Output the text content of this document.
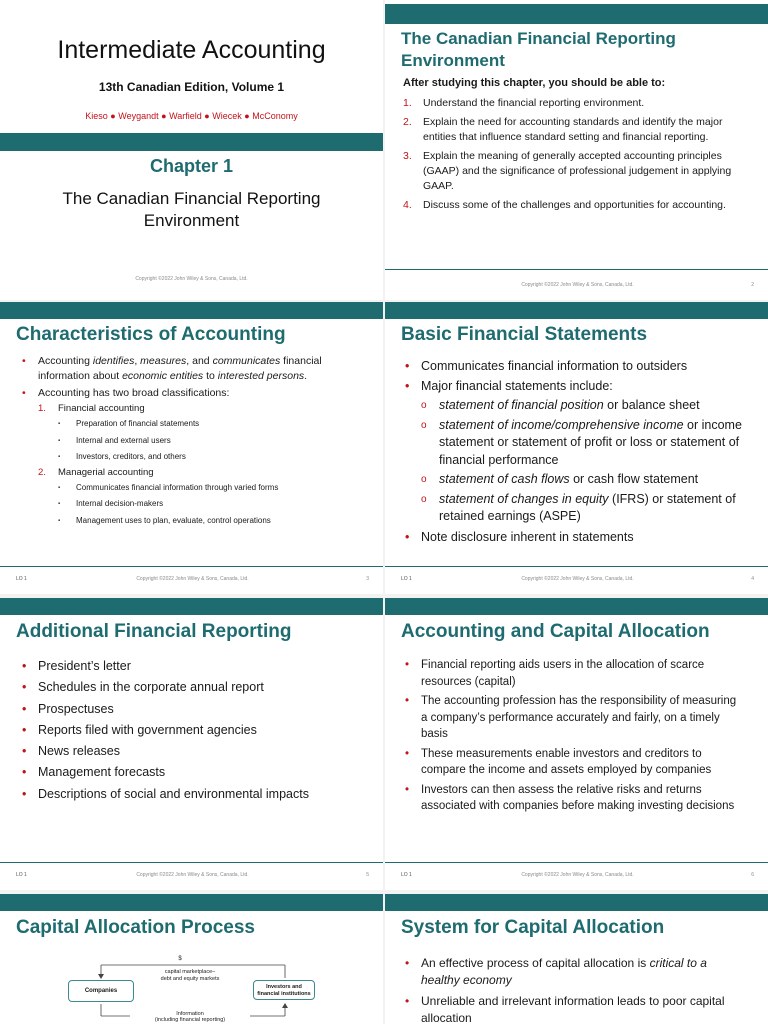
Intermediate Accounting
13th Canadian Edition, Volume 1
Kieso ● Weygandt ● Warfield ● Wiecek ● McConomy
Chapter 1
The Canadian Financial Reporting
Environment
Copyright ©2022 John Wiley & Sons, Canada, Ltd.
The Canadian Financial Reporting Environment
After studying this chapter, you should be able to:
1. Understand the financial reporting environment.
2. Explain the need for accounting standards and identify the major entities that influence standard setting and financial reporting.
3. Explain the meaning of generally accepted accounting principles (GAAP) and the significance of professional judgement in applying GAAP.
4. Discuss some of the challenges and opportunities for accounting.
Copyright ©2022 John Wiley & Sons, Canada, Ltd.	2
Characteristics of Accounting
• Accounting identifies, measures, and communicates financial information about economic entities to interested persons.
• Accounting has two broad classifications:
1. Financial accounting
▪ Preparation of financial statements
▪ Internal and external users
▪ Investors, creditors, and others
2. Managerial accounting
▪ Communicates financial information through varied forms
▪ Internal decision-makers
▪ Management uses to plan, evaluate, control operations
LO 1	Copyright ©2022 John Wiley & Sons, Canada, Ltd.	3
Basic Financial Statements
• Communicates financial information to outsiders
• Major financial statements include:
o statement of financial position or balance sheet
o statement of income/comprehensive income or income statement or statement of profit or loss or statement of financial performance
o statement of cash flows or cash flow statement
o statement of changes in equity (IFRS) or statement of retained earnings (ASPE)
• Note disclosure inherent in statements
LO 1	Copyright ©2022 John Wiley & Sons, Canada, Ltd.	4
Additional Financial Reporting
• President’s letter
• Schedules in the corporate annual report
• Prospectuses
• Reports filed with government agencies
• News releases
• Management forecasts
• Descriptions of social and environmental impacts
LO 1	Copyright ©2022 John Wiley & Sons, Canada, Ltd.	5
Accounting and Capital Allocation
• Financial reporting aids users in the allocation of scarce resources (capital)
• The accounting profession has the responsibility of measuring a company’s performance accurately and fairly, on a timely basis
• These measurements enable investors and creditors to compare the income and assets employed by companies
• Investors can then assess the relative risks and returns associated with companies before making investing decisions
LO 1	Copyright ©2022 John Wiley & Sons, Canada, Ltd.	6
Capital Allocation Process
$
capital marketplace–
debt and equity markets
Companies
Investors and
financial institutions
Information
(including financial reporting)
System for Capital Allocation
• An effective process of capital allocation is critical to a healthy economy
• Unreliable and irrelevant information leads to poor capital allocation
